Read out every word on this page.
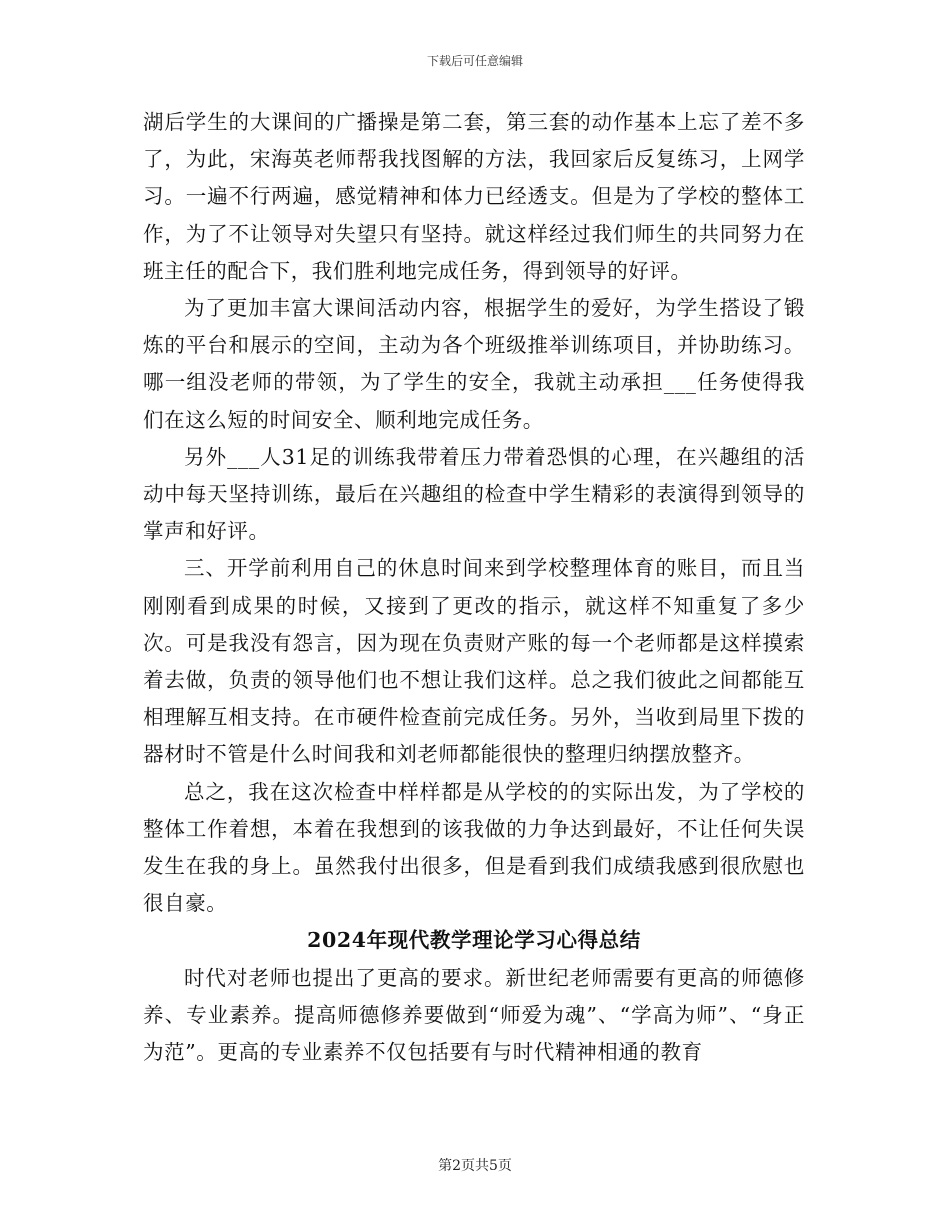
下载后可任意编辑

湖后学生的大课间的广播操是第二套，第三套的动作基本上忘了差不多了，为此，宋海英老师帮我找图解的方法，我回家后反复练习，上网学习。一遍不行两遍，感觉精神和体力已经透支。但是为了学校的整体工作，为了不让领导对失望只有坚持。就这样经过我们师生的共同努力在班主任的配合下，我们胜利地完成任务，得到领导的好评。

为了更加丰富大课间活动内容，根据学生的爱好，为学生搭设了锻炼的平台和展示的空间，主动为各个班级推举训练项目，并协助练习。哪一组没老师的带领，为了学生的安全，我就主动承担___任务使得我们在这么短的时间安全、顺利地完成任务。

另外___人31足的训练我带着压力带着恐惧的心理，在兴趣组的活动中每天坚持训练，最后在兴趣组的检查中学生精彩的表演得到领导的掌声和好评。

三、开学前利用自己的休息时间来到学校整理体育的账目，而且当刚刚看到成果的时候，又接到了更改的指示，就这样不知重复了多少次。可是我没有怨言，因为现在负责财产账的每一个老师都是这样摸索着去做，负责的领导他们也不想让我们这样。总之我们彼此之间都能互相理解互相支持。在市硬件检查前完成任务。另外，当收到局里下拨的器材时不管是什么时间我和刘老师都能很快的整理归纳摆放整齐。

总之，我在这次检查中样样都是从学校的的实际出发，为了学校的整体工作着想，本着在我想到的该我做的力争达到最好，不让任何失误发生在我的身上。虽然我付出很多，但是看到我们成绩我感到很欣慰也很自豪。

2024年现代教学理论学习心得总结

时代对老师也提出了更高的要求。新世纪老师需要有更高的师德修养、专业素养。提高师德修养要做到“师爱为魂”、“学高为师”、“身正为范”。更高的专业素养不仅包括要有与时代精神相通的教育

第2页共5页
